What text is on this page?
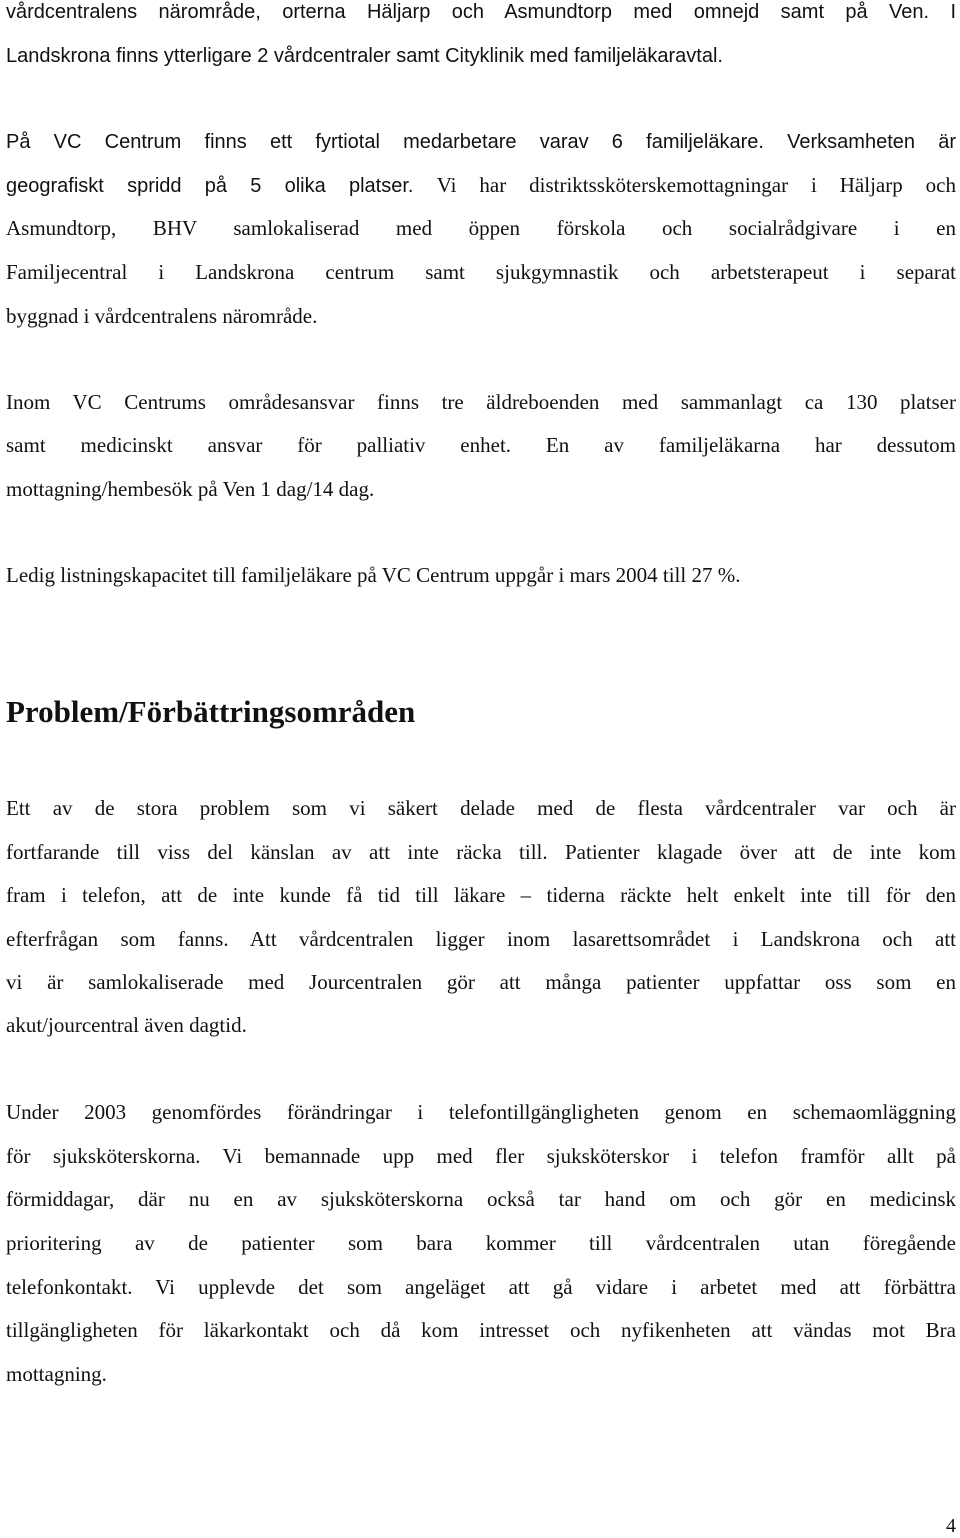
vårdcentralens närområde, orterna Häljarp och Asmundtorp med omnejd samt på Ven. I
Landskrona finns ytterligare 2 vårdcentraler samt Cityklinik med familjeläkaravtal.
På VC Centrum finns ett fyrtiotal medarbetare varav 6 familjeläkare. Verksamheten är
geografiskt spridd på 5 olika platser. Vi har distriktssköterskemottagningar i Häljarp och
Asmundtorp, BHV samlokaliserad med öppen förskola och socialrådgivare i en
Familjecentral i Landskrona centrum samt sjukgymnastik och arbetsterapeut i separat
byggnad i vårdcentralens närområde.
Inom VC Centrums områdesansvar finns tre äldreboenden med sammanlagt ca 130 platser
samt medicinskt ansvar för palliativ enhet. En av familjeläkarna har dessutom
mottagning/hembesök på Ven 1 dag/14 dag.
Ledig listningskapacitet till familjeläkare på VC Centrum uppgår i mars 2004 till 27 %.
Problem/Förbättringsområden
Ett av de stora problem som vi säkert delade med de flesta vårdcentraler var och är
fortfarande till viss del känslan av att inte räcka till. Patienter klagade över att de inte kom
fram i telefon, att de inte kunde få tid till läkare – tiderna räckte helt enkelt inte till för den
efterfrågan som fanns. Att vårdcentralen ligger inom lasarettsområdet i Landskrona och att
vi är samlokaliserade med Jourcentralen gör att många patienter uppfattar oss som en
akut/jourcentral även dagtid.
Under 2003 genomfördes förändringar i telefontillgängligheten genom en schemaomläggning
för sjuksköterskorna. Vi bemannade upp med fler sjuksköterskor i telefon framför allt på
förmiddagar, där nu en av sjuksköterskorna också tar hand om och gör en medicinsk
prioritering av de patienter som bara kommer till vårdcentralen utan föregående
telefonkontakt. Vi upplevde det som angeläget att gå vidare i arbetet med att förbättra
tillgängligheten för läkarkontakt och då kom intresset och nyfikenheten att vändas mot Bra
mottagning.
4
